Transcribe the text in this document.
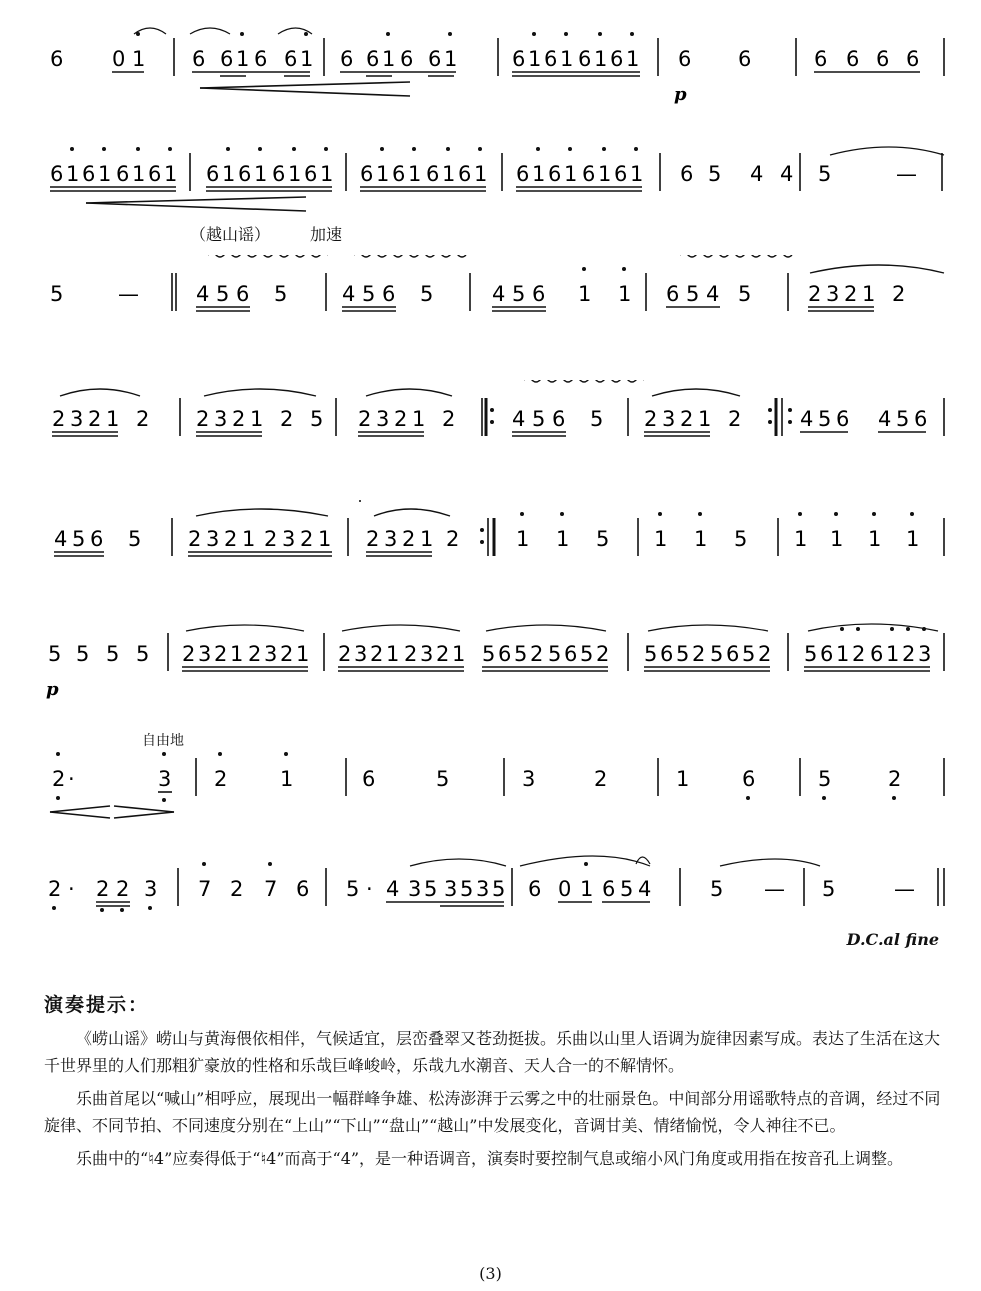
6 0 1 6 6 1 6 6 1 6 6 1 6 6 1	6 1 6 1 6 1 6 1 6 6	6 6 6 6
p
6 1 6 1 6 1 6 1 6 1 6 1 6 1 6 1 6 1 6 1 6 1 6 1 6 1 6 1 6 1 6 1 6 5 4 4 5	—
（越山谣） 加速
5	—	4 5 6 5	4 5 6 5	4 5 6 1 1 6 5 4 5	2 3 2 1 2
2 3 2 1 2 2 3 2 1 2 5 2 3 2 1 2	4 5 6 5 2 3 2 1 2	4 5 6 4 5 6
4 5 6 5 2 3 2 1 2 3 2 1 2 3 2 1 2	1 1 5 1 1 5 1 1 1 1
5 5 5 5 2 3 2 1 2 3 2 1 2 3 2 1 2 3 2 1 5 6 5 2 5 6 5 2 5 6 5 2 5 6 5 2 5 6 1 2 6 1 2 3
p
自由地
2 ·	3 2	1	6	5	3	2	1	6	5	2
2 · 2 2 3 7 2 7 6 5 · 4 3 5 3 5 3 5 6 0 1 6 5 4	5 — 5	—
D.C.al fine
演奏提示：

《崂山谣》崂山与黄海偎依相伴，气候适宜，层峦叠翠又苍劲挺拔。乐曲以山里人语调为旋律因素写成。表达了生活在这大千世界里的人们那粗犷豪放的性格和乐哉巨峰峻岭，乐哉九水潮音、天人合一的不解情怀。

乐曲首尾以“喊山”相呼应，展现出一幅群峰争雄、松涛澎湃于云雾之中的壮丽景色。中间部分用谣歌特点的音调，经过不同旋律、不同节拍、不同速度分别在“上山”“下山”“盘山”“越山”中发展变化，音调甘美、情绪愉悦，令人神往不已。

乐曲中的“♮4”应奏得低于“♮4”而高于“4”，是一种语调音，演奏时要控制气息或缩小风门角度或用指在按音孔上调整。

(3)
